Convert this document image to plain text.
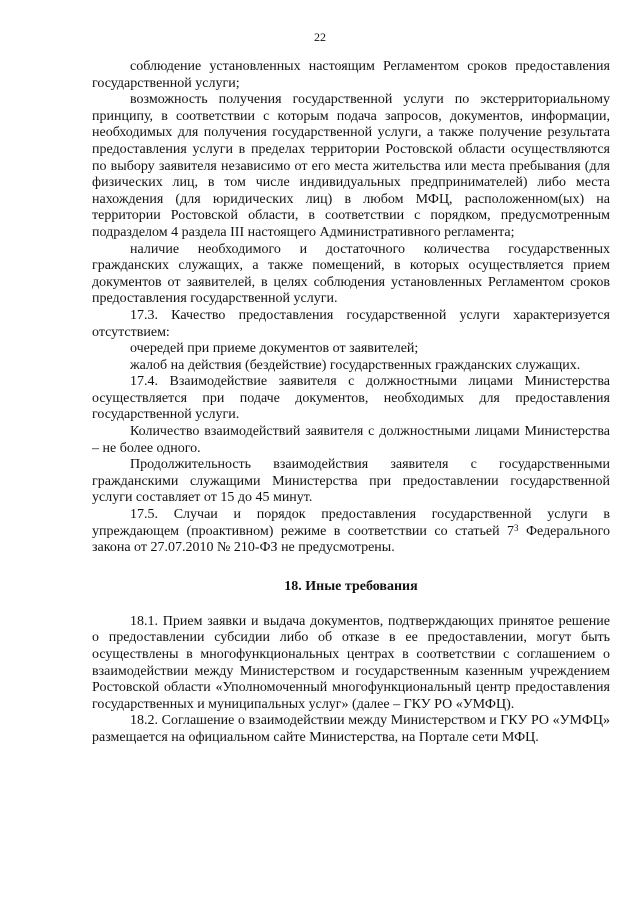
22

соблюдение установленных настоящим Регламентом сроков предоставления государственной услуги;

возможность получения государственной услуги по экстерриториальному принципу, в соответствии с которым подача запросов, документов, информации, необходимых для получения государственной услуги, а также получение результата предоставления услуги в пределах территории Ростовской области осуществляются по выбору заявителя независимо от его места жительства или места пребывания (для физических лиц, в том числе индивидуальных предпринимателей) либо места нахождения (для юридических лиц) в любом МФЦ, расположенном(ых) на территории Ростовской области, в соответствии с порядком, предусмотренным подразделом 4 раздела III настоящего Административного регламента;

наличие необходимого и достаточного количества государственных гражданских служащих, а также помещений, в которых осуществляется прием документов от заявителей, в целях соблюдения установленных Регламентом сроков предоставления государственной услуги.

17.3. Качество предоставления государственной услуги характеризуется отсутствием:

очередей при приеме документов от заявителей;

жалоб на действия (бездействие) государственных гражданских служащих.

17.4. Взаимодействие заявителя с должностными лицами Министерства осуществляется при подаче документов, необходимых для предоставления государственной услуги.

Количество взаимодействий заявителя с должностными лицами Министерства – не более одного.

Продолжительность взаимодействия заявителя с государственными гражданскими служащими Министерства при предоставлении государственной услуги составляет от 15 до 45 минут.

17.5. Случаи и порядок предоставления государственной услуги в упреждающем (проактивном) режиме в соответствии со статьей $7^3$ Федерального закона от 27.07.2010 № 210-ФЗ не предусмотрены.

18. Иные требования

18.1. Прием заявки и выдача документов, подтверждающих принятое решение о предоставлении субсидии либо об отказе в ее предоставлении, могут быть осуществлены в многофункциональных центрах в соответствии с соглашением о взаимодействии между Министерством и государственным казенным учреждением Ростовской области «Уполномоченный многофункциональный центр предоставления государственных и муниципальных услуг» (далее – ГКУ РО «УМФЦ).

18.2. Соглашение о взаимодействии между Министерством и ГКУ РО «УМФЦ» размещается на официальном сайте Министерства, на Портале сети МФЦ.
